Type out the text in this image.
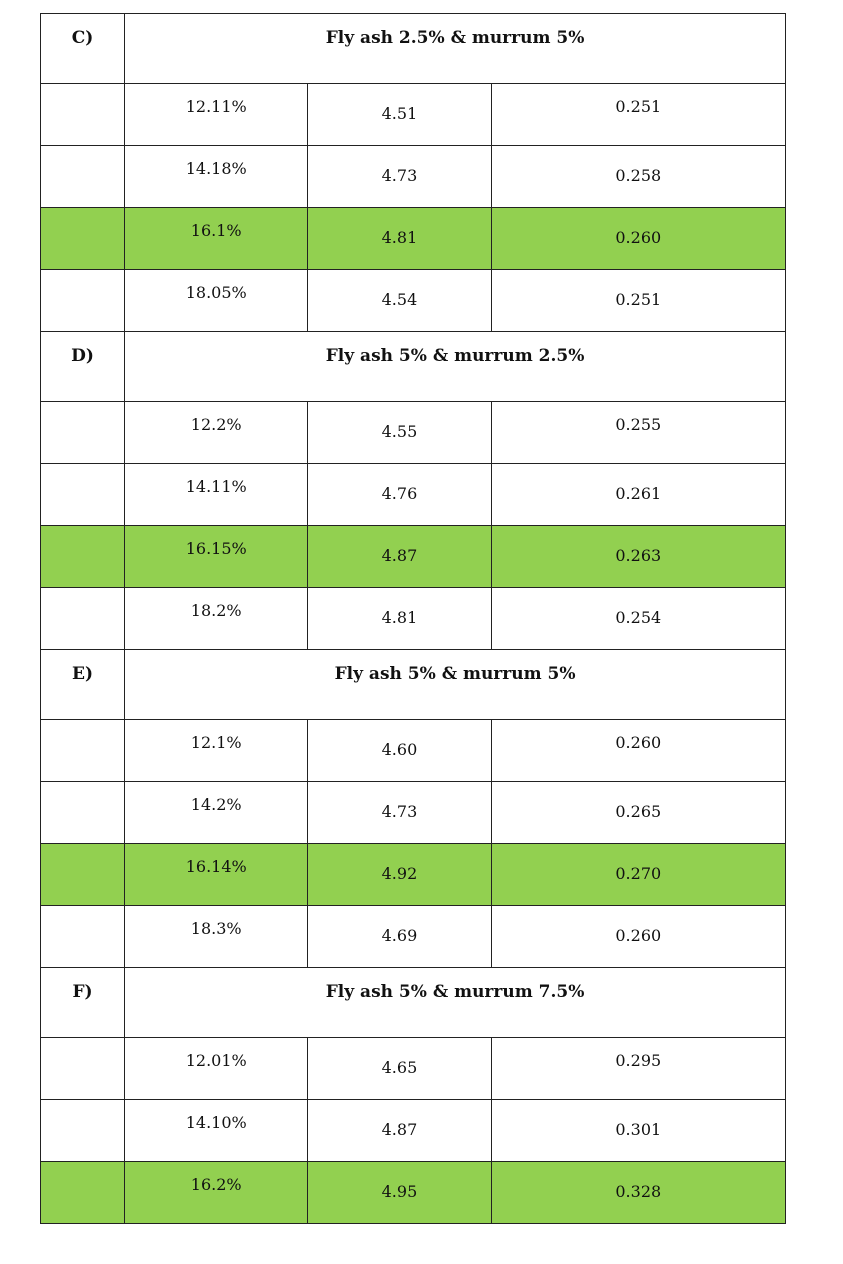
C)	Fly ash 2.5% & murrum 5%		

	12.11%	4.51	0.251

	14.18%	4.73	0.258

	16.1%	4.81	0.260

	18.05%	4.54	0.251

D)	Fly ash 5% & murrum 2.5%		

	12.2%	4.55	0.255

	14.11%	4.76	0.261

	16.15%	4.87	0.263

	18.2%	4.81	0.254

E)	Fly ash 5% & murrum 5%		

	12.1%	4.60	0.260

	14.2%	4.73	0.265

	16.14%	4.92	0.270

	18.3%	4.69	0.260

F)	Fly ash 5% & murrum 7.5%		

	12.01%	4.65	0.295

	14.10%	4.87	0.301

	16.2%	4.95	0.328
